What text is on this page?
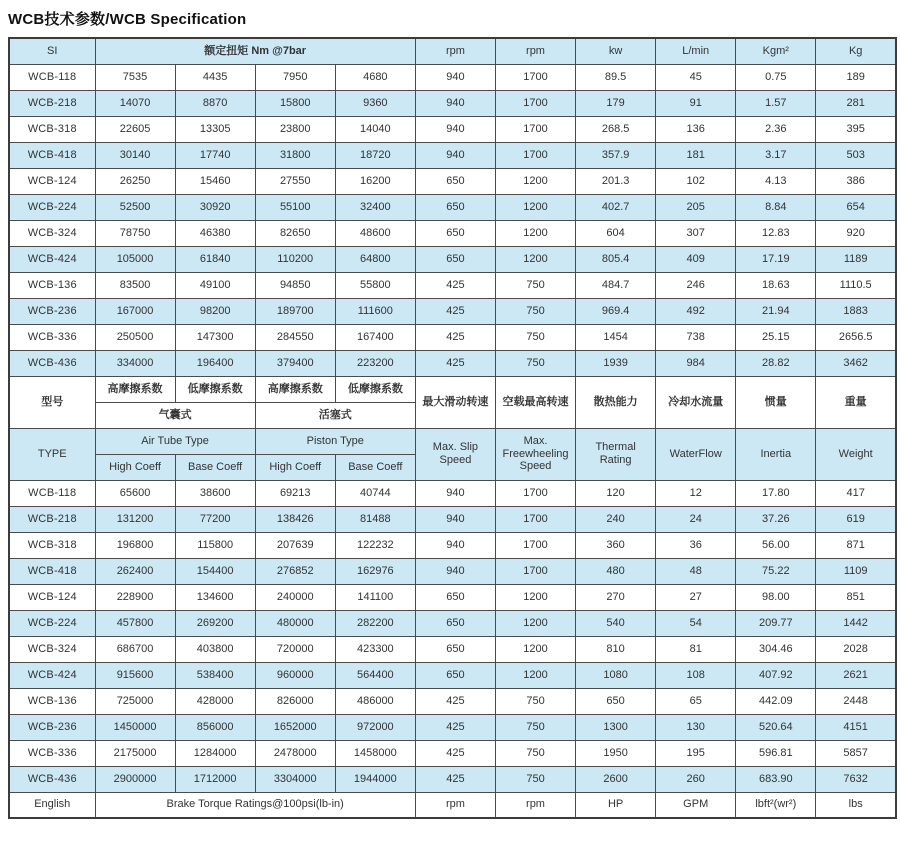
WCB技术参数/WCB Specification
SI	额定扭矩 Nm @7bar				rpm	rpm	kw	L/min	Kgm²	Kg
WCB-118	7535	4435	7950	4680	940	1700	89.5	45	0.75	189
WCB-218	14070	8870	15800	9360	940	1700	179	91	1.57	281
WCB-318	22605	13305	23800	14040	940	1700	268.5	136	2.36	395
WCB-418	30140	17740	31800	18720	940	1700	357.9	181	3.17	503
WCB-124	26250	15460	27550	16200	650	1200	201.3	102	4.13	386
WCB-224	52500	30920	55100	32400	650	1200	402.7	205	8.84	654
WCB-324	78750	46380	82650	48600	650	1200	604	307	12.83	920
WCB-424	105000	61840	110200	64800	650	1200	805.4	409	17.19	1189
WCB-136	83500	49100	94850	55800	425	750	484.7	246	18.63	1110.5
WCB-236	167000	98200	189700	111600	425	750	969.4	492	21.94	1883
WCB-336	250500	147300	284550	167400	425	750	1454	738	25.15	2656.5
WCB-436	334000	196400	379400	223200	425	750	1939	984	28.82	3462
型号	高摩擦系数	低摩擦系数	高摩擦系数	低摩擦系数	最大滑动转速	空载最高转速	散热能力	冷却水流量	惯量	重量
	气囊式		活塞式							
TYPE	Air Tube Type		Piston Type		Max. Slip Speed	Max. Freewheeling Speed	Thermal Rating	WaterFlow	Inertia	Weight
	High Coeff	Base Coeff	High Coeff	Base Coeff						
WCB-118	65600	38600	69213	40744	940	1700	120	12	17.80	417
WCB-218	131200	77200	138426	81488	940	1700	240	24	37.26	619
WCB-318	196800	115800	207639	122232	940	1700	360	36	56.00	871
WCB-418	262400	154400	276852	162976	940	1700	480	48	75.22	1109
WCB-124	228900	134600	240000	141100	650	1200	270	27	98.00	851
WCB-224	457800	269200	480000	282200	650	1200	540	54	209.77	1442
WCB-324	686700	403800	720000	423300	650	1200	810	81	304.46	2028
WCB-424	915600	538400	960000	564400	650	1200	1080	108	407.92	2621
WCB-136	725000	428000	826000	486000	425	750	650	65	442.09	2448
WCB-236	1450000	856000	1652000	972000	425	750	1300	130	520.64	4151
WCB-336	2175000	1284000	2478000	1458000	425	750	1950	195	596.81	5857
WCB-436	2900000	1712000	3304000	1944000	425	750	2600	260	683.90	7632
English	Brake Torque Ratings@100psi(lb-in)				rpm	rpm	HP	GPM	lbft²(wr²)	lbs
